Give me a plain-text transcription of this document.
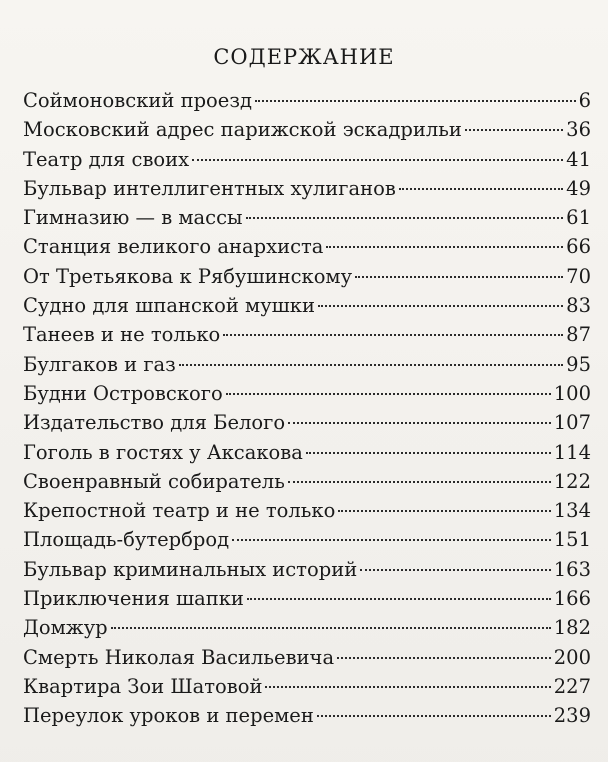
СОДЕРЖАНИЕ
Соймоновский проезд	6
Московский адрес парижской эскадрильи	36
Театр для своих	41
Бульвар интеллигентных хулиганов	49
Гимназию — в массы	61
Станция великого анархиста	66
От Третьякова к Рябушинскому	70
Судно для шпанской мушки	83
Танеев и не только	87
Булгаков и газ	95
Будни Островского	100
Издательство для Белого	107
Гоголь в гостях у Аксакова	114
Своенравный собиратель	122
Крепостной театр и не только	134
Площадь-бутерброд	151
Бульвар криминальных историй	163
Приключения шапки	166
Домжур	182
Смерть Николая Васильевича	200
Квартира Зои Шатовой	227
Переулок уроков и перемен	239
